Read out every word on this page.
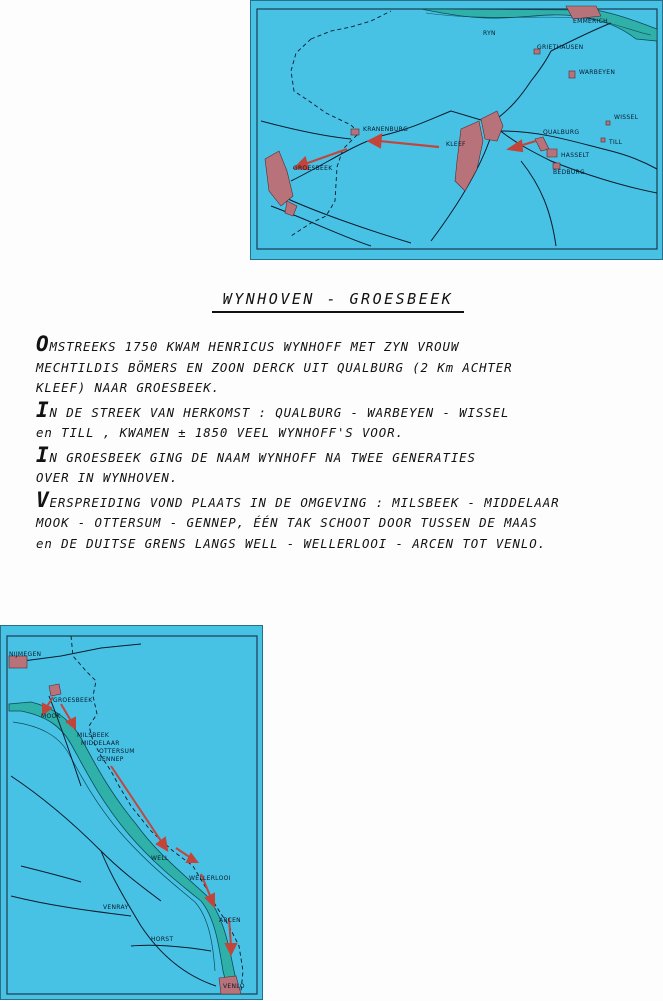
EMMERICH
RYN
GRIETHAUSEN
WARBEYEN
WISSEL
KRANENBURG	QUALBURG
TILL
KLEEF
HASSELT
GROESBEEK
BEDBURG
WYNHOVEN - GROESBEEK

OMSTREEKS 1750 KWAM HENRICUS WYNHOFF MET ZYN VROUW
MECHTILDIS BÖMERS EN ZOON DERCK UIT QUALBURG (2 Km ACHTER
KLEEF) NAAR GROESBEEK.

IN DE STREEK VAN HERKOMST : QUALBURG - WARBEYEN - WISSEL
en TILL , KWAMEN ± 1850 VEEL WYNHOFF'S VOOR.

IN GROESBEEK GING DE NAAM WYNHOFF NA TWEE GENERATIES
OVER IN WYNHOVEN.

VERSPREIDING VOND PLAATS IN DE OMGEVING : MILSBEEK - MIDDELAAR
MOOK - OTTERSUM - GENNEP, ÉÉN TAK SCHOOT DOOR TUSSEN DE MAAS
en DE DUITSE GRENS LANGS WELL - WELLERLOOI - ARCEN TOT VENLO.

NIJMEGEN
GROESBEEK
MOOK
MILSBEEK
MIDDELAAR
OTTERSUM
GENNEP
WELL
WELLERLOOI
VENRAY
ARCEN
HORST
VENLO
